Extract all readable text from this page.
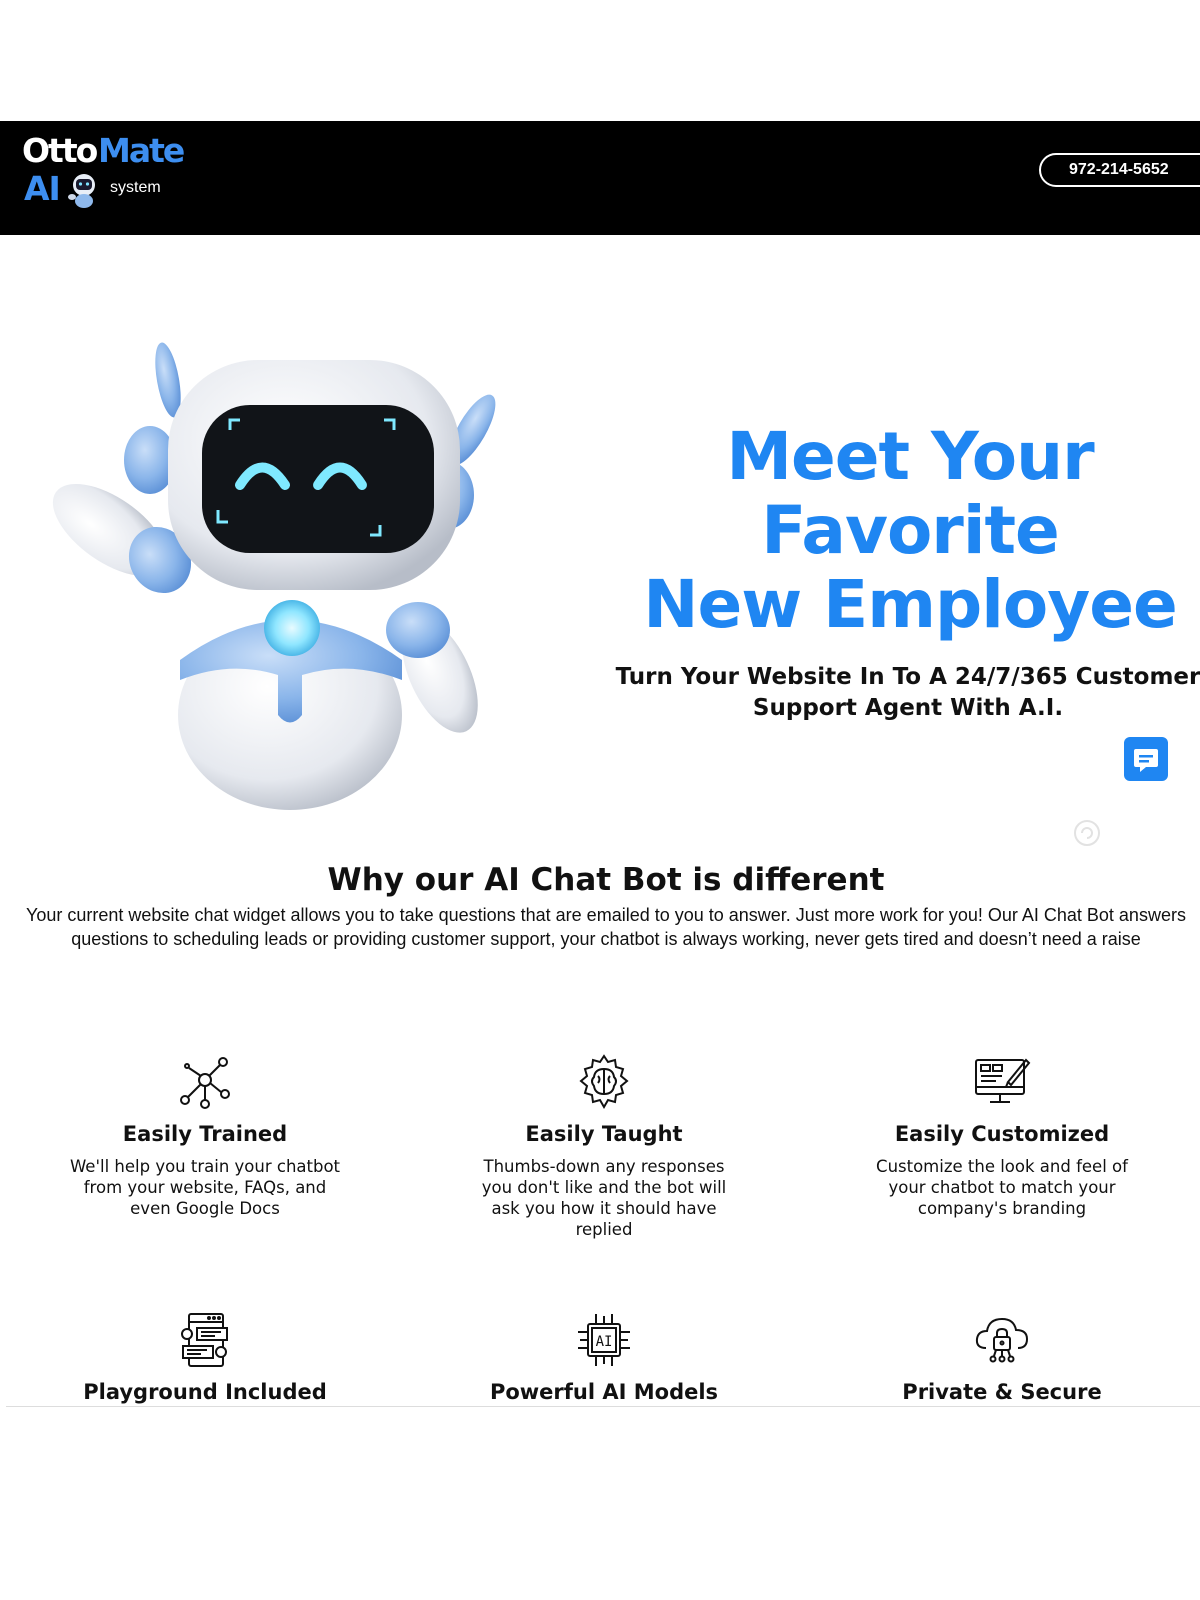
Otto Mate
AI	system
972-214-5652
Meet Your
Favorite
New Employee
Turn Your Website In To A 24/7/365 Customer
Support Agent With A.I.
Why our AI Chat Bot is different
Your current website chat widget allows you to take questions that are emailed to you to answer. Just more work for you! Our AI Chat Bot answers
questions to scheduling leads or providing customer support, your chatbot is always working, never gets tired and doesn’t need a raise
Easily Trained

We'll help you train your chatbot
from your website, FAQs, and
even Google Docs

Easily Taught

Thumbs-down any responses
you don't like and the bot will
ask you how it should have
replied

Easily Customized

Customize the look and feel of
your chatbot to match your
company's branding

Playground Included
AI
Powerful AI Models	Private & Secure
